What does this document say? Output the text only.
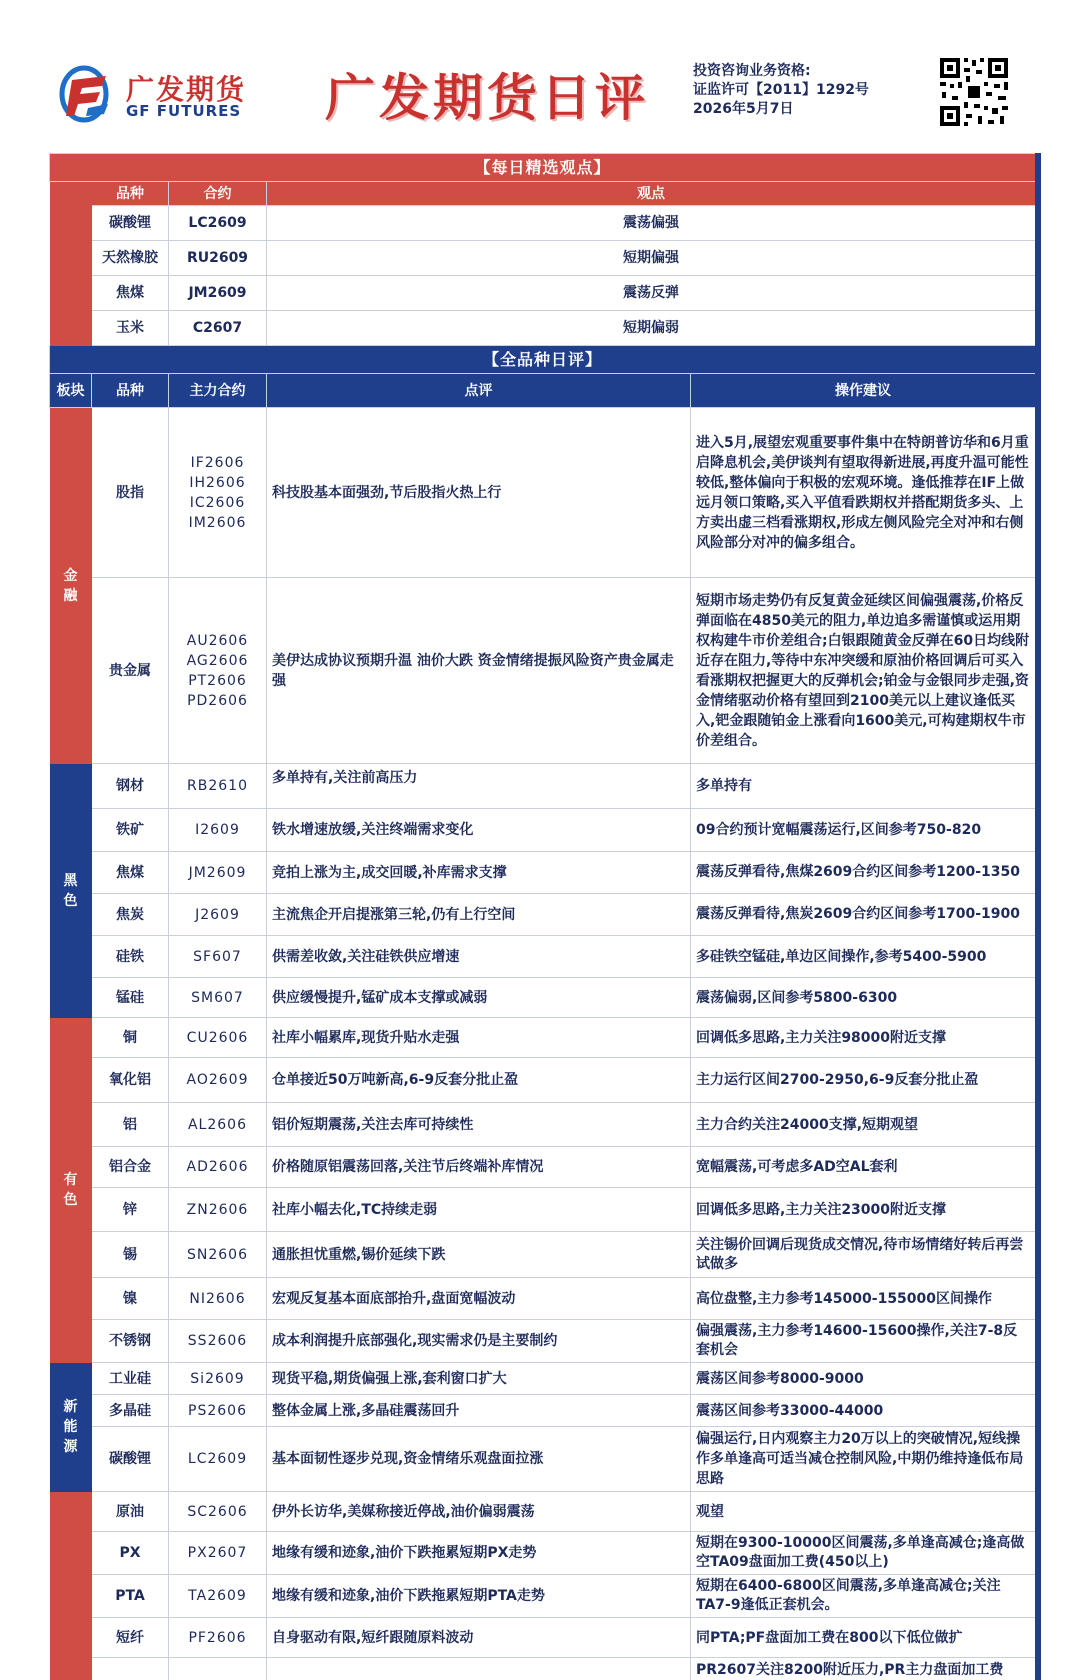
广发期货
GF FUTURES 广发期货日评	投资咨询业务资格:
证监许可【2011】1292号
2026年5月7日
【每日精选观点】				
	品种	合约	观点	
	碳酸锂	LC2609	震荡偏强	
	天然橡胶	RU2609	短期偏强	
	焦煤	JM2609	震荡反弹	
	玉米	C2607	短期偏弱	
【全品种日评】				
板块	品种	主力合约	点评	操作建议
金
融	股指	IF2606
IH2606
IC2606
IM2606	科技股基本面强劲,节后股指火热上行	进入5月,展望宏观重要事件集中在特朗普访华和6月重启降息机会,美伊谈判有望取得新进展,再度升温可能性较低,整体偏向于积极的宏观环境。逢低推荐在IF上做远月领口策略,买入平值看跌期权并搭配期货多头、上方卖出虚三档看涨期权,形成左侧风险完全对冲和右侧风险部分对冲的偏多组合。
	贵金属	AU2606
AG2606
PT2606
PD2606	美伊达成协议预期升温 油价大跌 资金情绪提振风险资产贵金属走强	短期市场走势仍有反复黄金延续区间偏强震荡,价格反弹面临在4850美元的阻力,单边追多需谨慎或运用期权构建牛市价差组合;白银跟随黄金反弹在60日均线附近存在阻力,等待中东冲突缓和原油价格回调后可买入看涨期权把握更大的反弹机会;铂金与金银同步走强,资金情绪驱动价格有望回到2100美元以上建议逢低买入,钯金跟随铂金上涨看向1600美元,可构建期权牛市价差组合。
黑
色	钢材	RB2610	多单持有,关注前高压力	多单持有
	铁矿	I2609	铁水增速放缓,关注终端需求变化	09合约预计宽幅震荡运行,区间参考750-820
	焦煤	JM2609	竞拍上涨为主,成交回暖,补库需求支撑	震荡反弹看待,焦煤2609合约区间参考1200-1350
	焦炭	J2609	主流焦企开启提涨第三轮,仍有上行空间	震荡反弹看待,焦炭2609合约区间参考1700-1900
	硅铁	SF607	供需差收敛,关注硅铁供应增速	多硅铁空锰硅,单边区间操作,参考5400-5900
	锰硅	SM607	供应缓慢提升,锰矿成本支撑或减弱	震荡偏弱,区间参考5800-6300
有
色	铜	CU2606	社库小幅累库,现货升贴水走强	回调低多思路,主力关注98000附近支撑
	氧化铝	AO2609	仓单接近50万吨新高,6-9反套分批止盈	主力运行区间2700-2950,6-9反套分批止盈
	铝	AL2606	铝价短期震荡,关注去库可持续性	主力合约关注24000支撑,短期观望
	铝合金	AD2606	价格随原铝震荡回落,关注节后终端补库情况	宽幅震荡,可考虑多AD空AL套利
	锌	ZN2606	社库小幅去化,TC持续走弱	回调低多思路,主力关注23000附近支撑
	锡	SN2606	通胀担忧重燃,锡价延续下跌	关注锡价回调后现货成交情况,待市场情绪好转后再尝试做多
	镍	NI2606	宏观反复基本面底部抬升,盘面宽幅波动	高位盘整,主力参考145000-155000区间操作
	不锈钢	SS2606	成本利润提升底部强化,现实需求仍是主要制约	偏强震荡,主力参考14600-15600操作,关注7-8反套机会
新
能
源	工业硅	Si2609	现货平稳,期货偏强上涨,套利窗口扩大	震荡区间参考8000-9000
	多晶硅	PS2606	整体金属上涨,多晶硅震荡回升	震荡区间参考33000-44000
	碳酸锂	LC2609	基本面韧性逐步兑现,资金情绪乐观盘面拉涨	偏强运行,日内观察主力20万以上的突破情况,短线操作多单逢高可适当减仓控制风险,中期仍维持逢低布局思路
	原油	SC2606	伊外长访华,美媒称接近停战,油价偏弱震荡	观望
	PX	PX2607	地缘有缓和迹象,油价下跌拖累短期PX走势	短期在9300-10000区间震荡,多单逢高减仓;逢高做空TA09盘面加工费(450以上)
	PTA	TA2609	地缘有缓和迹象,油价下跌拖累短期PTA走势	短期在6400-6800区间震荡,多单逢高减仓;关注TA7-9逢低正套机会。
	短纤	PF2606	自身驱动有限,短纤跟随原料波动	同PTA;PF盘面加工费在800以下低位做扩
				PR2607关注8200附近压力,PR主力盘面加工费
